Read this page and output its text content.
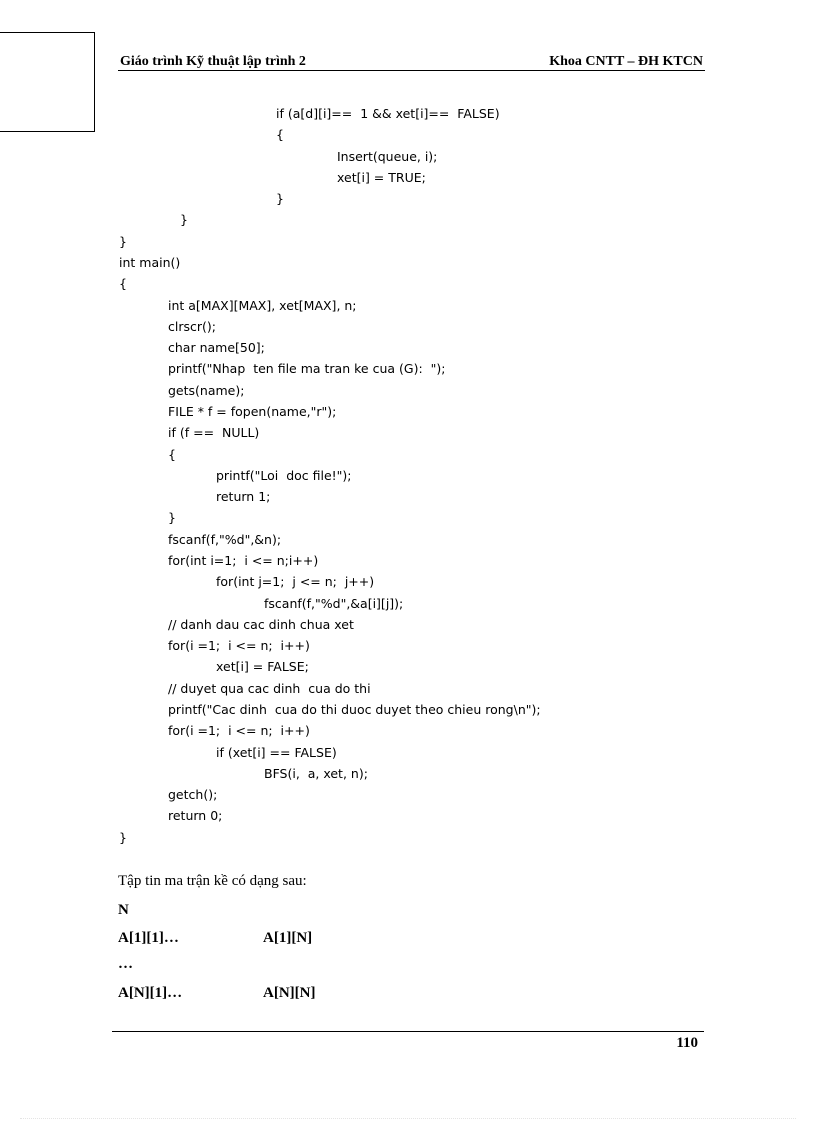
Giáo trình Kỹ thuật lập trình 2	Khoa CNTT – ĐH KTCN
if (a[d][i]==  1 && xet[i]==  FALSE)
{
Insert(queue, i);
xet[i] = TRUE;
}
}
}
int main()
{
int a[MAX][MAX], xet[MAX], n;
clrscr();
char name[50];
printf("Nhap  ten file ma tran ke cua (G):  ");
gets(name);
FILE * f = fopen(name,"r");
if (f ==  NULL)
{
printf("Loi  doc file!");
return 1;
}
fscanf(f,"%d",&n);
for(int i=1;  i <= n;i++)
for(int j=1;  j <= n;  j++)
fscanf(f,"%d",&a[i][j]);
// danh dau cac dinh chua xet
for(i =1;  i <= n;  i++)
xet[i] = FALSE;
// duyet qua cac dinh  cua do thi
printf("Cac dinh  cua do thi duoc duyet theo chieu rong\n");
for(i =1;  i <= n;  i++)
if (xet[i] == FALSE)
BFS(i,  a, xet, n);
getch();
return 0;
}
Tập tin ma trận kề có dạng sau:
N
A[1][1]…	A[1][N]
…
A[N][1]…	A[N][N]
110
